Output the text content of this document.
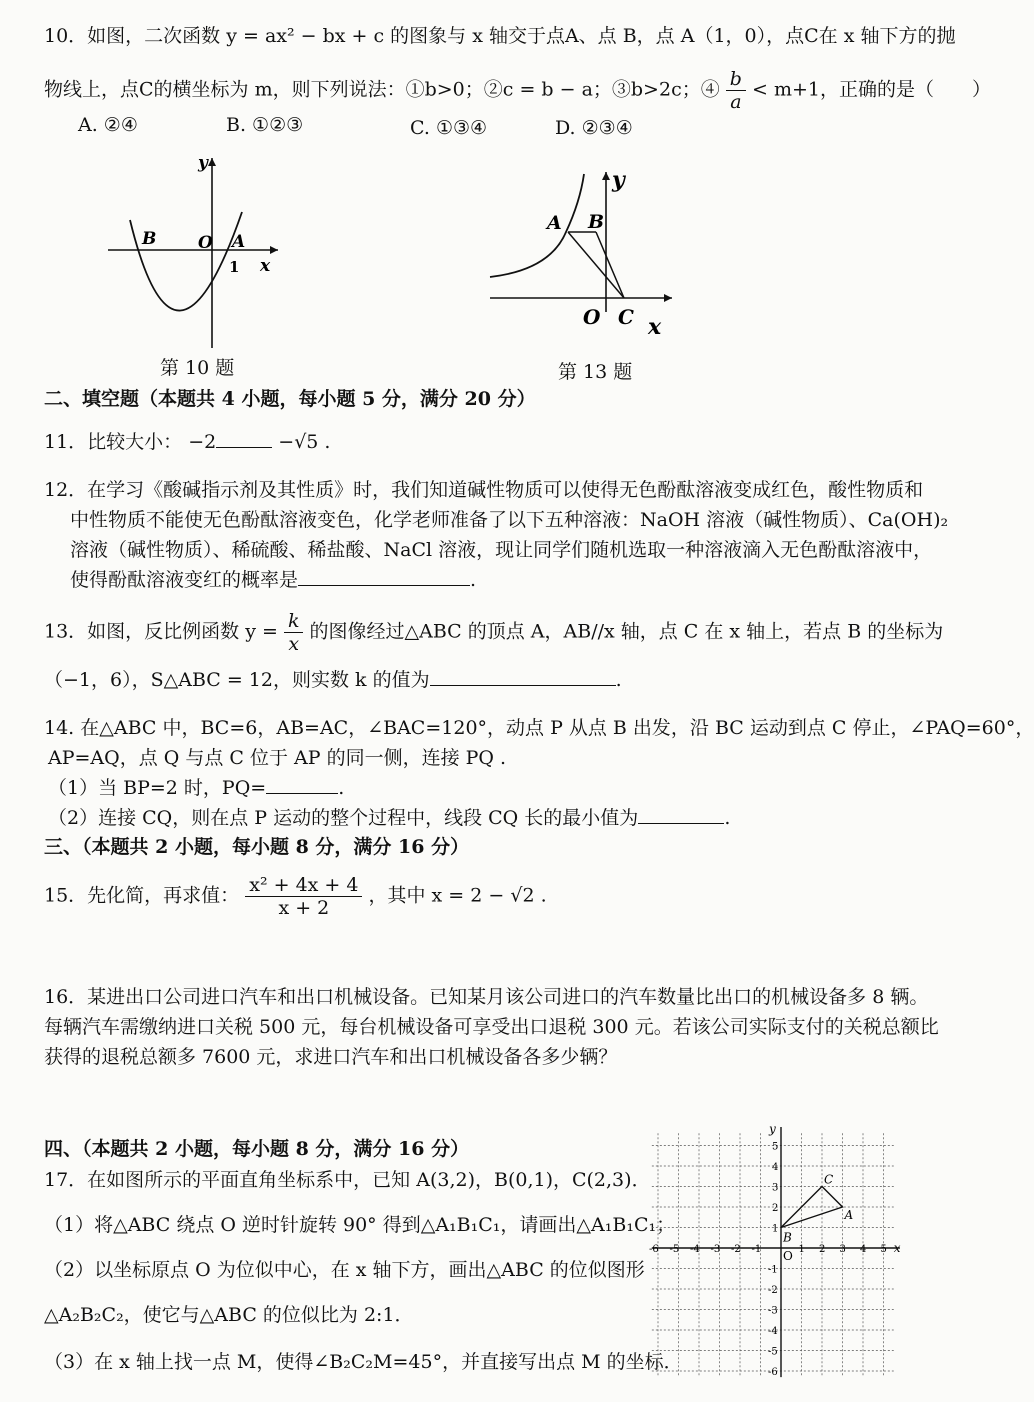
10．如图，二次函数 y = ax² − bx + c 的图象与 x 轴交于点A、点 B，点 A（1，0），点C在 x 轴下方的抛
物线上，点C的横坐标为 m，则下列说法：①b>0；②c = b − a；③b>2c；④ $\frac{b}{a} < m+1$，正确的是（　　）
A. ②④	B. ①②③	C. ①③④	D. ②③④
y
x
B O A
1
第 10 题
y
x
A B
O C
第 13 题
二、填空题（本题共 4 小题，每小题 5 分，满分 20 分）
11．比较大小： −2	−√5 .
12．在学习《酸碱指示剂及其性质》时，我们知道碱性物质可以使得无色酚酞溶液变成红色，酸性物质和
中性物质不能使无色酚酞溶液变色，化学老师准备了以下五种溶液：NaOH 溶液（碱性物质）、Ca(OH)₂
溶液（碱性物质）、稀硫酸、稀盐酸、NaCl 溶液，现让同学们随机选取一种溶液滴入无色酚酞溶液中，
使得酚酞溶液变红的概率是	.
13．如图，反比例函数 $y = \frac{k}{x}$ 的图像经过△ABC 的顶点 A，AB//x 轴，点 C 在 x 轴上，若点 B 的坐标为
（−1，6），S△ABC = 12，则实数 k 的值为	.
14. 在△ABC 中，BC=6，AB=AC，∠BAC=120°，动点 P 从点 B 出发，沿 BC 运动到点 C 停止，∠PAQ=60°，
AP=AQ，点 Q 与点 C 位于 AP 的同一侧，连接 PQ .
（1）当 BP=2 时，PQ=	.
（2）连接 CQ，则在点 P 运动的整个过程中，线段 CQ 长的最小值为	.
三、（本题共 2 小题，每小题 8 分，满分 16 分）
15．先化简，再求值： $\frac{\text{x² + 4x + 4}}{x + 2}$ ，其中 x = 2 − √2 .
16．某进出口公司进口汽车和出口机械设备。已知某月该公司进口的汽车数量比出口的机械设备多 8 辆。
每辆汽车需缴纳进口关税 500 元，每台机械设备可享受出口退税 300 元。若该公司实际支付的关税总额比
获得的退税总额多 7600 元，求进口汽车和出口机械设备各多少辆？
四、（本题共 2 小题，每小题 8 分，满分 16 分）
17．在如图所示的平面直角坐标系中，已知 A(3,2)，B(0,1)，C(2,3)．
（1）将△ABC 绕点 O 逆时针旋转 90° 得到△A₁B₁C₁，请画出△A₁B₁C₁；
（2）以坐标原点 O 为位似中心，在 x 轴下方，画出△ABC 的位似图形
△A₂B₂C₂，使它与△ABC 的位似比为 2:1．
（3）在 x 轴上找一点 M，使得∠B₂C₂M=45°，并直接写出点 M 的坐标．
-6 -5 -4 -3 -2 -1	1 2 3 4 5
5
4
3
2
1
-1
-2
-3
-4
-5
-6
y
x
O
A
B
C
